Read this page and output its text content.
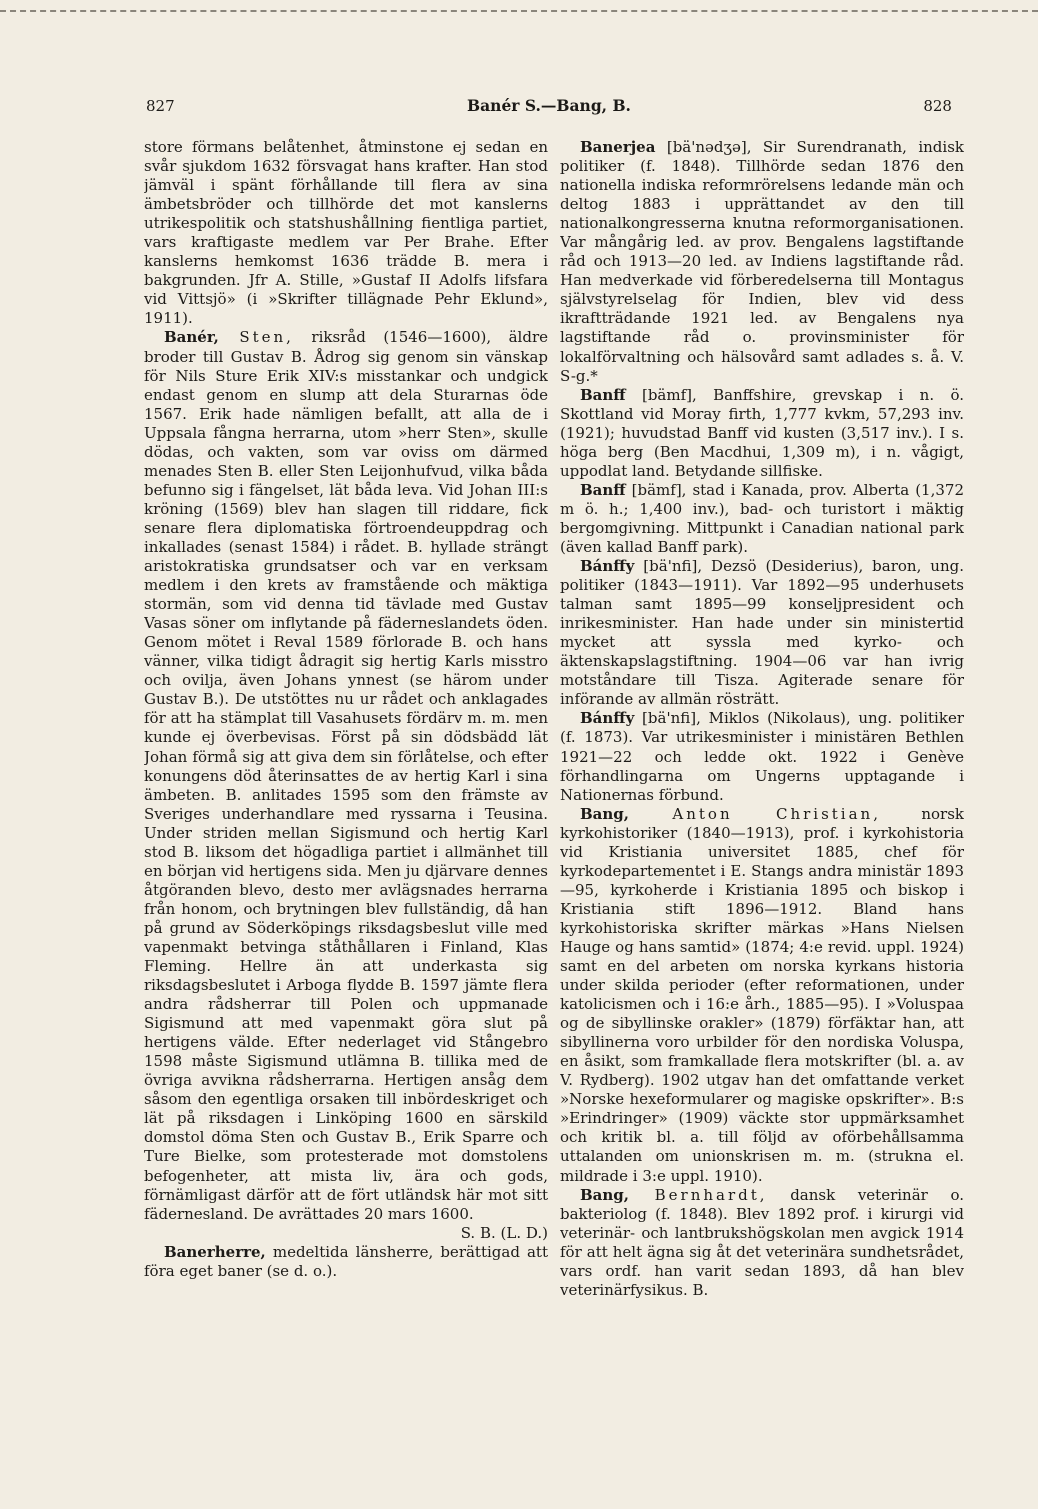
827	Banér S.—Bang, B.	828

store förmans belåtenhet, åtminstone ej sedan en svår sjukdom 1632 försvagat hans krafter. Han stod jämväl i spänt förhållande till flera av sina ämbetsbröder och tillhörde det mot kanslerns utrikespolitik och statshushållning fientliga partiet, vars kraftigaste medlem var Per Brahe. Efter kanslerns hemkomst 1636 trädde B. mera i bakgrunden. Jfr A. Stille, »Gustaf II Adolfs lifsfara vid Vittsjö» (i »Skrifter tillägnade Pehr Eklund», 1911).

Banér, Sten, riksråd (1546—1600), äldre broder till Gustav B. Ådrog sig genom sin vänskap för Nils Sture Erik XIV:s misstankar och undgick endast genom en slump att dela Sturarnas öde 1567. Erik hade nämligen befallt, att alla de i Uppsala fångna herrarna, utom »herr Sten», skulle dödas, och vakten, som var oviss om därmed menades Sten B. eller Sten Leijonhufvud, vilka båda befunno sig i fängelset, lät båda leva. Vid Johan III:s kröning (1569) blev han slagen till riddare, fick senare flera diplomatiska förtroendeuppdrag och inkallades (senast 1584) i rådet. B. hyllade strängt aristokratiska grundsatser och var en verksam medlem i den krets av framstående och mäktiga stormän, som vid denna tid tävlade med Gustav Vasas söner om inflytande på fäderneslandets öden. Genom mötet i Reval 1589 förlorade B. och hans vänner, vilka tidigt ådragit sig hertig Karls misstro och ovilja, även Johans ynnest (se härom under Gustav B.). De utstöttes nu ur rådet och anklagades för att ha stämplat till Vasahusets fördärv m. m. men kunde ej överbevisas. Först på sin dödsbädd lät Johan förmå sig att giva dem sin förlåtelse, och efter konungens död återinsattes de av hertig Karl i sina ämbeten. B. anlitades 1595 som den främste av Sveriges underhandlare med ryssarna i Teusina. Under striden mellan Sigismund och hertig Karl stod B. liksom det högadliga partiet i allmänhet till en början vid hertigens sida. Men ju djärvare dennes åtgöranden blevo, desto mer avlägsnades herrarna från honom, och brytningen blev fullständig, då han på grund av Söderköpings riksdagsbeslut ville med vapenmakt betvinga ståthållaren i Finland, Klas Fleming. Hellre än att underkasta sig riksdagsbeslutet i Arboga flydde B. 1597 jämte flera andra rådsherrar till Polen och uppmanade Sigismund att med vapenmakt göra slut på hertigens välde. Efter nederlaget vid Stångebro 1598 måste Sigismund utlämna B. tillika med de övriga avvikna rådsherrarna. Hertigen ansåg dem såsom den egentliga orsaken till inbördeskriget och lät på riksdagen i Linköping 1600 en särskild domstol döma Sten och Gustav B., Erik Sparre och Ture Bielke, som protesterade mot domstolens befogenheter, att mista liv, ära och gods, förnämligast därför att de fört utländsk här mot sitt fädernesland. De avrättades 20 mars 1600.

S. B. (L. D.)

Banerherre, medeltida länsherre, berättigad att föra eget baner (se d. o.).

Banerjea [bä'nədʒə], Sir Surendranath, indisk politiker (f. 1848). Tillhörde sedan 1876 den nationella indiska reformrörelsens ledande män och deltog 1883 i upprättandet av den till nationalkongresserna knutna reformorganisationen. Var mångårig led. av prov. Bengalens lagstiftande råd och 1913—20 led. av Indiens lagstiftande råd. Han medverkade vid förberedelserna till Montagus självstyrelselag för Indien, blev vid dess ikraftträdande 1921 led. av Bengalens nya lagstiftande råd o. provinsminister för lokalförvaltning och hälsovård samt adlades s. å. V. S-g.*

Banff [bämf], Banffshire, grevskap i n. ö. Skottland vid Moray firth, 1,777 kvkm, 57,293 inv. (1921); huvudstad Banff vid kusten (3,517 inv.). I s. höga berg (Ben Macdhui, 1,309 m), i n. vågigt, uppodlat land. Betydande sillfiske.

Banff [bämf], stad i Kanada, prov. Alberta (1,372 m ö. h.; 1,400 inv.), bad- och turistort i mäktig bergomgivning. Mittpunkt i Canadian national park (även kallad Banff park).

Bánffy [bä'nfi], Dezsö (Desiderius), baron, ung. politiker (1843—1911). Var 1892—95 underhusets talman samt 1895—99 konseljpresident och inrikesminister. Han hade under sin ministertid mycket att syssla med kyrko- och äktenskapslagstiftning. 1904—06 var han ivrig motståndare till Tisza. Agiterade senare för införande av allmän rösträtt.

Bánffy [bä'nfi], Miklos (Nikolaus), ung. politiker (f. 1873). Var utrikesminister i ministären Bethlen 1921—22 och ledde okt. 1922 i Genève förhandlingarna om Ungerns upptagande i Nationernas förbund.

Bang, Anton Christian, norsk kyrkohistoriker (1840—1913), prof. i kyrkohistoria vid Kristiania universitet 1885, chef för kyrkodepartementet i E. Stangs andra ministär 1893—95, kyrkoherde i Kristiania 1895 och biskop i Kristiania stift 1896—1912. Bland hans kyrkohistoriska skrifter märkas »Hans Nielsen Hauge og hans samtid» (1874; 4:e revid. uppl. 1924) samt en del arbeten om norska kyrkans historia under skilda perioder (efter reformationen, under katolicismen och i 16:e årh., 1885—95). I »Voluspaa og de sibyllinske orakler» (1879) förfäktar han, att sibyllinerna voro urbilder för den nordiska Voluspa, en åsikt, som framkallade flera motskrifter (bl. a. av V. Rydberg). 1902 utgav han det omfattande verket »Norske hexeformularer og magiske opskrifter». B:s »Erindringer» (1909) väckte stor uppmärksamhet och kritik bl. a. till följd av oförbehållsamma uttalanden om unionskrisen m. m. (strukna el. mildrade i 3:e uppl. 1910).

Bang, Bernhardt, dansk veterinär o. bakteriolog (f. 1848). Blev 1892 prof. i kirurgi vid veterinär- och lantbrukshögskolan men avgick 1914 för att helt ägna sig åt det veterinära sundhetsrådet, vars ordf. han varit sedan 1893, då han blev veterinärfysikus. B.
